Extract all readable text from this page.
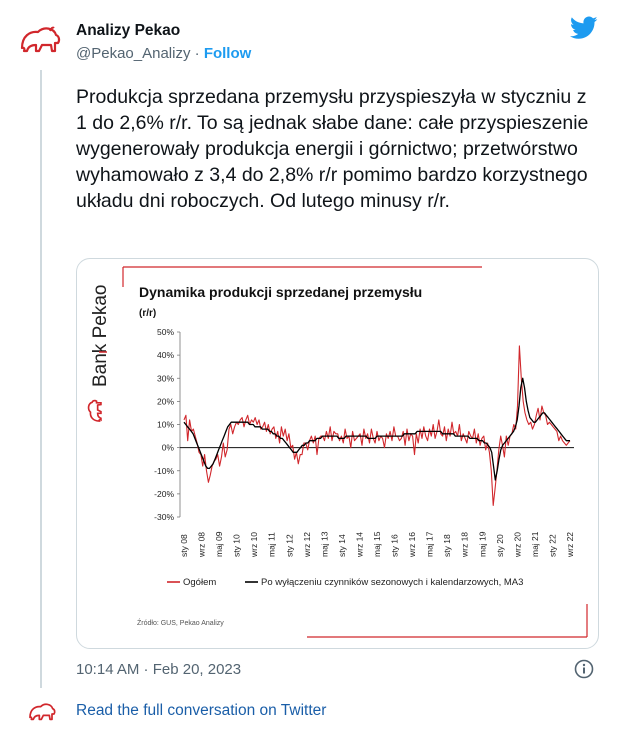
Analizy Pekao
@Pekao_Analizy · Follow

Produkcja sprzedana przemysłu przyspieszyła w styczniu z 1 do 2,6% r/r. To są jednak słabe dane: całe przyspieszenie wygenerowały produkcja energii i górnictwo; przetwórstwo wyhamowało z 3,4 do 2,8% r/r pomimo bardzo korzystnego układu dni roboczych. Od lutego minusy r/r.

Bank Pekao Dynamika produkcji sprzedanej przemysłu
(r/r)
50%
40%
30%
20%
10%
0%
-10%
-20%
-30%
sty 08 wrz 08 maj 09 sty 10 wrz 10 maj 11 sty 12 wrz 12 maj 13 sty 14 wrz 14 maj 15 sty 16 wrz 16 maj 17 sty 18 wrz 18 maj 19 sty 20 wrz 20 maj 21 sty 22 wrz 22
Ogółem	Po wyłączeniu czynników sezonowych i kalendarzowych, MA3
Źródło: GUS, Pekao Analizy
10:14 AM · Feb 20, 2023
Read the full conversation on Twitter
